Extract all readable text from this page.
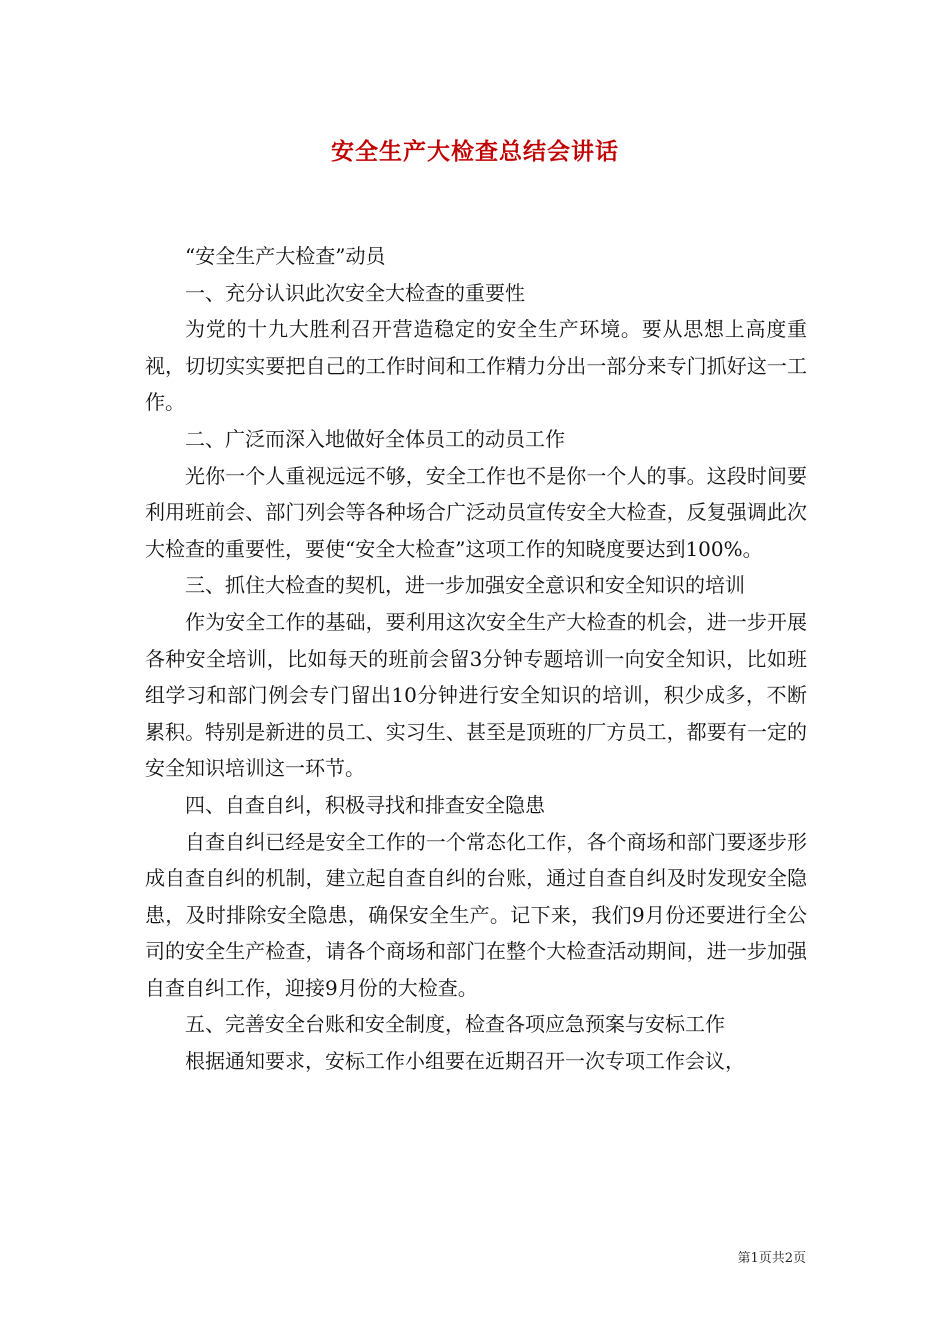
安全生产大检查总结会讲话

“安全生产大检查”动员

一、充分认识此次安全大检查的重要性

为党的十九大胜利召开营造稳定的安全生产环境。要从思想上高度重视，切切实实要把自己的工作时间和工作精力分出一部分来专门抓好这一工作。

二、广泛而深入地做好全体员工的动员工作

光你一个人重视远远不够，安全工作也不是你一个人的事。这段时间要利用班前会、部门列会等各种场合广泛动员宣传安全大检查，反复强调此次大检查的重要性，要使“安全大检查”这项工作的知晓度要达到100%。

三、抓住大检查的契机，进一步加强安全意识和安全知识的培训

作为安全工作的基础，要利用这次安全生产大检查的机会，进一步开展各种安全培训，比如每天的班前会留3分钟专题培训一向安全知识，比如班组学习和部门例会专门留出10分钟进行安全知识的培训，积少成多，不断累积。特别是新进的员工、实习生、甚至是顶班的厂方员工，都要有一定的安全知识培训这一环节。

四、自查自纠，积极寻找和排查安全隐患

自查自纠已经是安全工作的一个常态化工作，各个商场和部门要逐步形成自查自纠的机制，建立起自查自纠的台账，通过自查自纠及时发现安全隐患，及时排除安全隐患，确保安全生产。记下来，我们9月份还要进行全公司的安全生产检查，请各个商场和部门在整个大检查活动期间，进一步加强自查自纠工作，迎接9月份的大检查。

五、完善安全台账和安全制度，检查各项应急预案与安标工作

根据通知要求，安标工作小组要在近期召开一次专项工作会议，

第1页共2页
